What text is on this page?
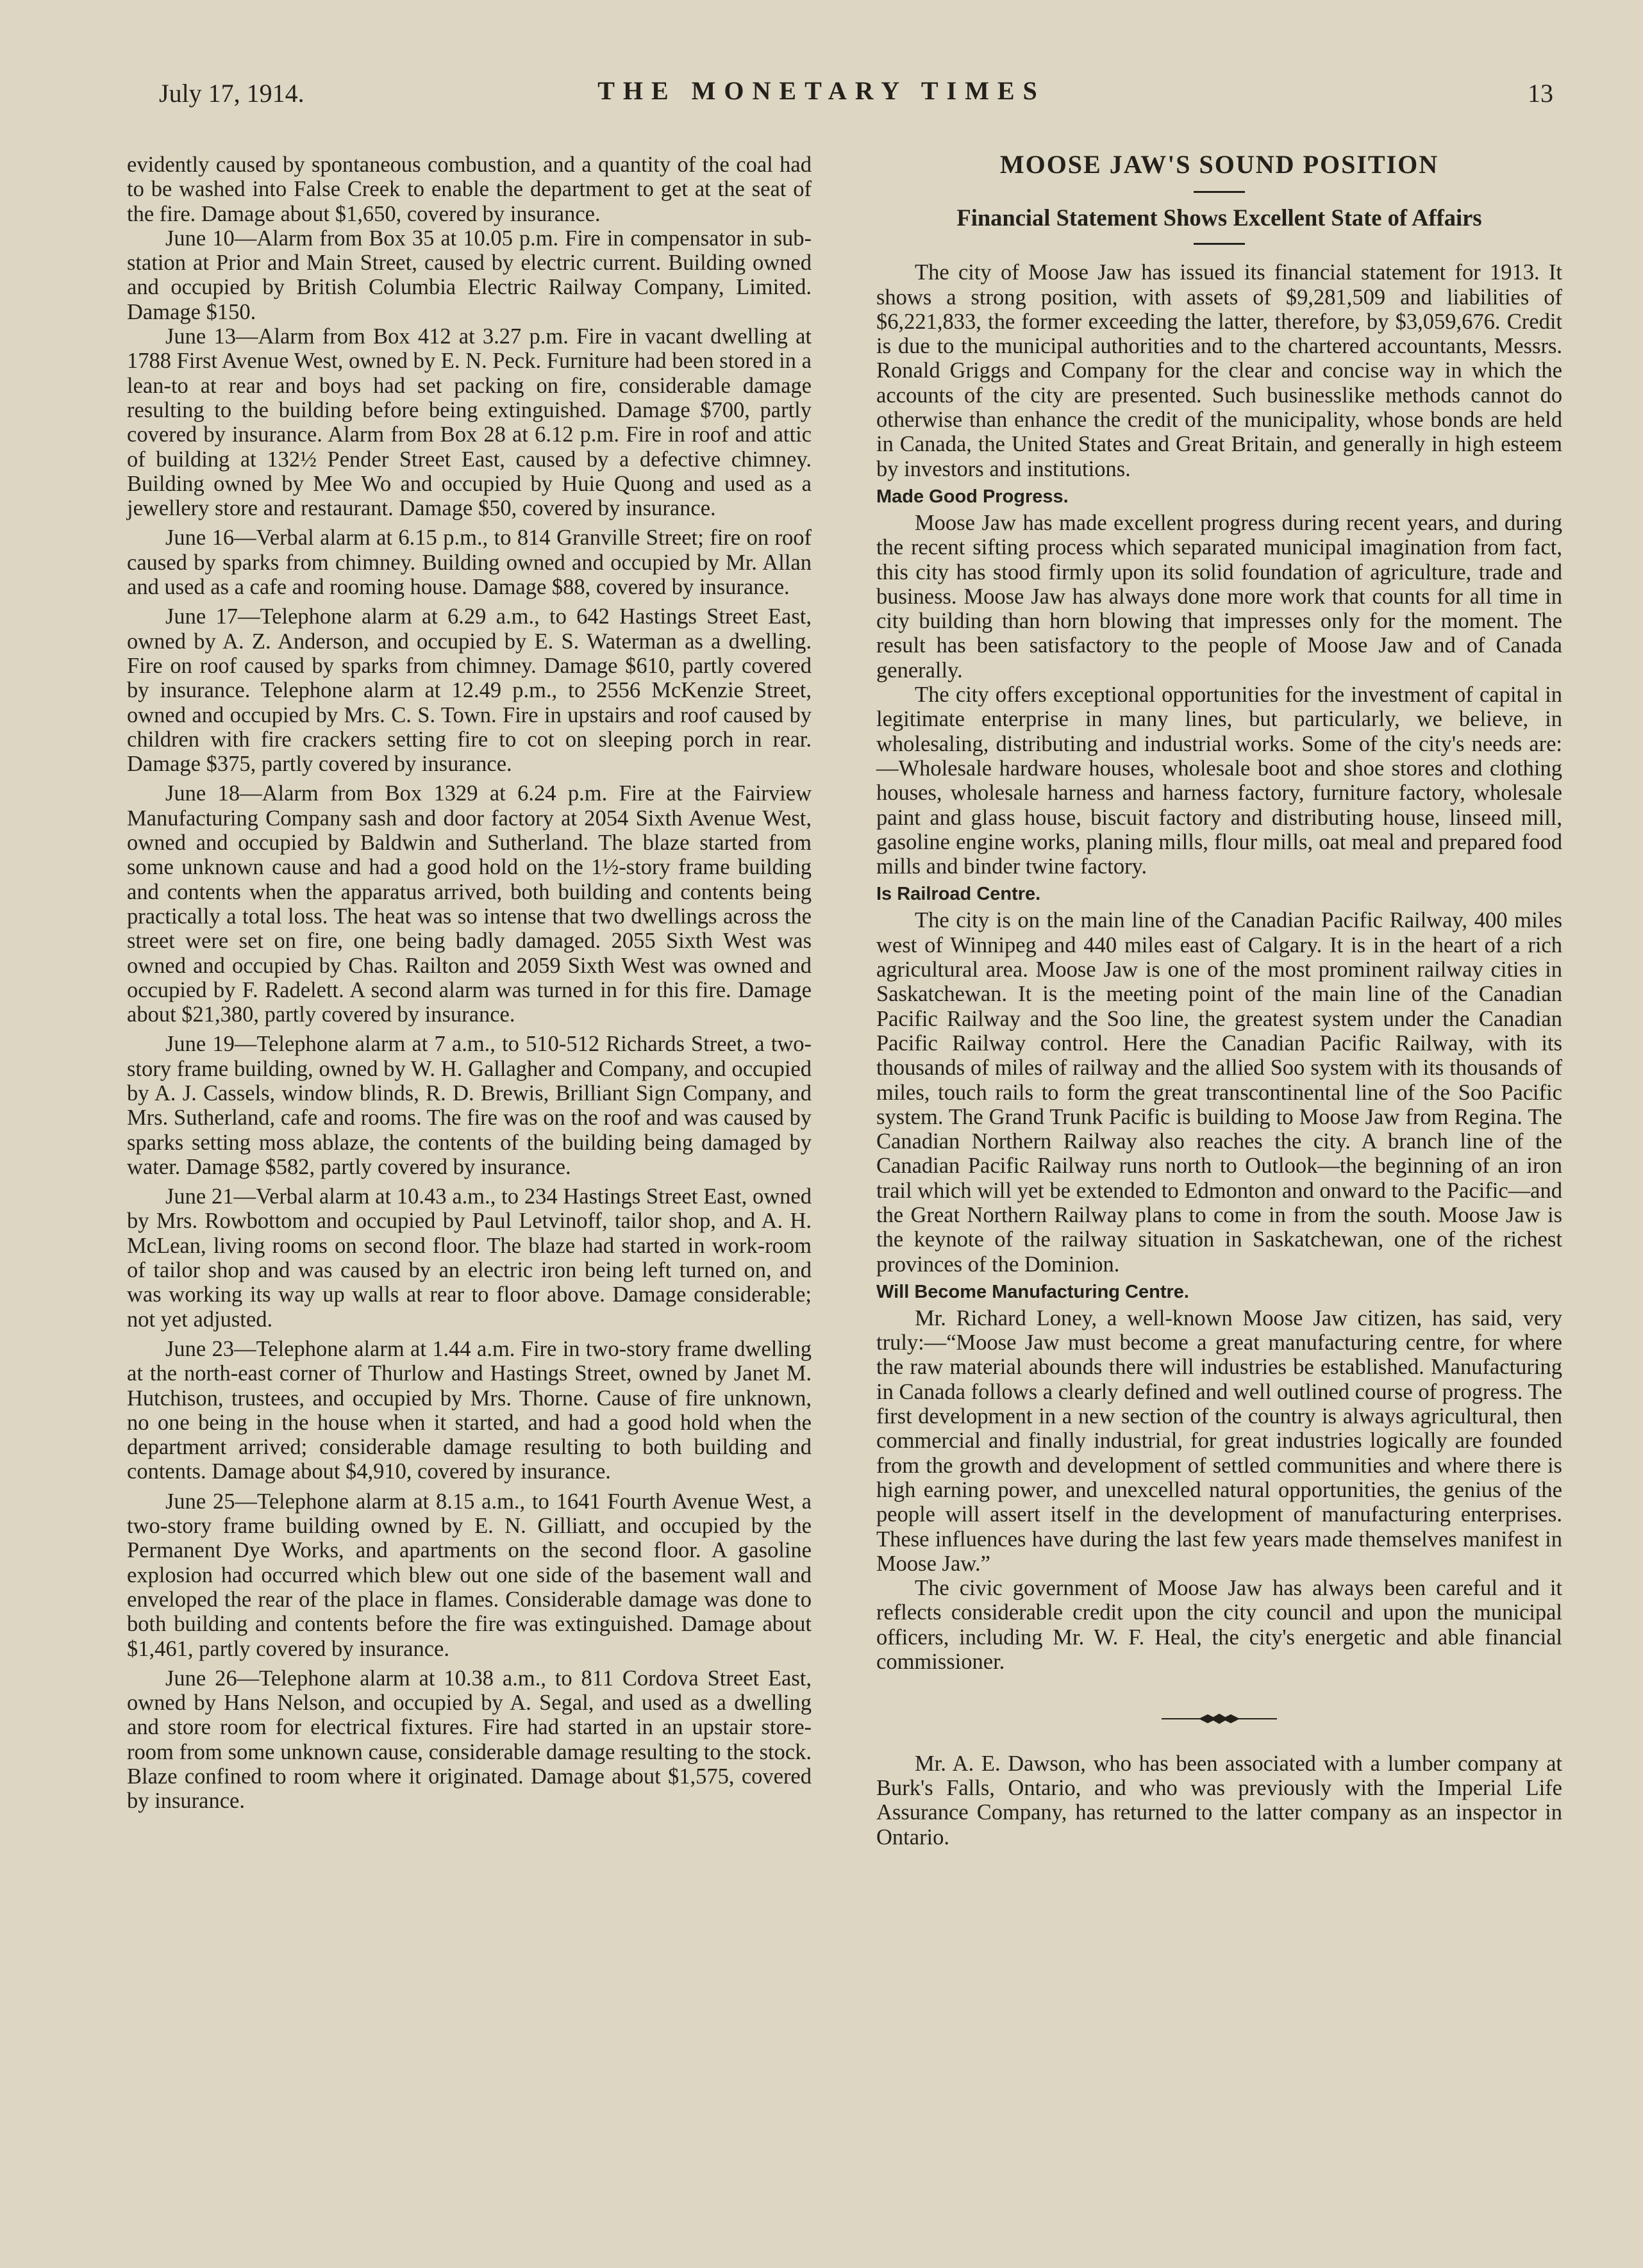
July 17, 1914.	THE MONETARY TIMES	13

evidently caused by spontaneous combustion, and a quantity of the coal had to be washed into False Creek to enable the department to get at the seat of the fire. Damage about $1,650, covered by insurance.

June 10—Alarm from Box 35 at 10.05 p.m. Fire in compensator in sub-station at Prior and Main Street, caused by electric current. Building owned and occupied by British Columbia Electric Railway Company, Limited. Damage $150.

June 13—Alarm from Box 412 at 3.27 p.m. Fire in vacant dwelling at 1788 First Avenue West, owned by E. N. Peck. Furniture had been stored in a lean-to at rear and boys had set packing on fire, considerable damage resulting to the building before being extinguished. Damage $700, partly covered by insurance. Alarm from Box 28 at 6.12 p.m. Fire in roof and attic of building at 132½ Pender Street East, caused by a defective chimney. Building owned by Mee Wo and occupied by Huie Quong and used as a jewellery store and restaurant. Damage $50, covered by insurance.

June 16—Verbal alarm at 6.15 p.m., to 814 Granville Street; fire on roof caused by sparks from chimney. Building owned and occupied by Mr. Allan and used as a cafe and rooming house. Damage $88, covered by insurance.

June 17—Telephone alarm at 6.29 a.m., to 642 Hastings Street East, owned by A. Z. Anderson, and occupied by E. S. Waterman as a dwelling. Fire on roof caused by sparks from chimney. Damage $610, partly covered by insurance. Telephone alarm at 12.49 p.m., to 2556 McKenzie Street, owned and occupied by Mrs. C. S. Town. Fire in upstairs and roof caused by children with fire crackers setting fire to cot on sleeping porch in rear. Damage $375, partly covered by insurance.

June 18—Alarm from Box 1329 at 6.24 p.m. Fire at the Fairview Manufacturing Company sash and door factory at 2054 Sixth Avenue West, owned and occupied by Baldwin and Sutherland. The blaze started from some unknown cause and had a good hold on the 1½-story frame building and contents when the apparatus arrived, both building and contents being practically a total loss. The heat was so intense that two dwellings across the street were set on fire, one being badly damaged. 2055 Sixth West was owned and occupied by Chas. Railton and 2059 Sixth West was owned and occupied by F. Radelett. A second alarm was turned in for this fire. Damage about $21,380, partly covered by insurance.

June 19—Telephone alarm at 7 a.m., to 510-512 Richards Street, a two-story frame building, owned by W. H. Gallagher and Company, and occupied by A. J. Cassels, window blinds, R. D. Brewis, Brilliant Sign Company, and Mrs. Sutherland, cafe and rooms. The fire was on the roof and was caused by sparks setting moss ablaze, the contents of the building being damaged by water. Damage $582, partly covered by insurance.

June 21—Verbal alarm at 10.43 a.m., to 234 Hastings Street East, owned by Mrs. Rowbottom and occupied by Paul Letvinoff, tailor shop, and A. H. McLean, living rooms on second floor. The blaze had started in work-room of tailor shop and was caused by an electric iron being left turned on, and was working its way up walls at rear to floor above. Damage considerable; not yet adjusted.

June 23—Telephone alarm at 1.44 a.m. Fire in two-story frame dwelling at the north-east corner of Thurlow and Hastings Street, owned by Janet M. Hutchison, trustees, and occupied by Mrs. Thorne. Cause of fire unknown, no one being in the house when it started, and had a good hold when the department arrived; considerable damage resulting to both building and contents. Damage about $4,910, covered by insurance.

June 25—Telephone alarm at 8.15 a.m., to 1641 Fourth Avenue West, a two-story frame building owned by E. N. Gilliatt, and occupied by the Permanent Dye Works, and apartments on the second floor. A gasoline explosion had occurred which blew out one side of the basement wall and enveloped the rear of the place in flames. Considerable damage was done to both building and contents before the fire was extinguished. Damage about $1,461, partly covered by insurance.

June 26—Telephone alarm at 10.38 a.m., to 811 Cordova Street East, owned by Hans Nelson, and occupied by A. Segal, and used as a dwelling and store room for electrical fixtures. Fire had started in an upstair store-room from some unknown cause, considerable damage resulting to the stock. Blaze confined to room where it originated. Damage about $1,575, covered by insurance.

MOOSE JAW'S SOUND POSITION
Financial Statement Shows Excellent State of Affairs

The city of Moose Jaw has issued its financial statement for 1913. It shows a strong position, with assets of $9,281,509 and liabilities of $6,221,833, the former exceeding the latter, therefore, by $3,059,676. Credit is due to the municipal authorities and to the chartered accountants, Messrs. Ronald Griggs and Company for the clear and concise way in which the accounts of the city are presented. Such businesslike methods cannot do otherwise than enhance the credit of the municipality, whose bonds are held in Canada, the United States and Great Britain, and generally in high esteem by investors and institutions.

Made Good Progress.

Moose Jaw has made excellent progress during recent years, and during the recent sifting process which separated municipal imagination from fact, this city has stood firmly upon its solid foundation of agriculture, trade and business. Moose Jaw has always done more work that counts for all time in city building than horn blowing that impresses only for the moment. The result has been satisfactory to the people of Moose Jaw and of Canada generally.

The city offers exceptional opportunities for the investment of capital in legitimate enterprise in many lines, but particularly, we believe, in wholesaling, distributing and industrial works. Some of the city's needs are:—Wholesale hardware houses, wholesale boot and shoe stores and clothing houses, wholesale harness and harness factory, furniture factory, wholesale paint and glass house, biscuit factory and distributing house, linseed mill, gasoline engine works, planing mills, flour mills, oat meal and prepared food mills and binder twine factory.

Is Railroad Centre.

The city is on the main line of the Canadian Pacific Railway, 400 miles west of Winnipeg and 440 miles east of Calgary. It is in the heart of a rich agricultural area. Moose Jaw is one of the most prominent railway cities in Saskatchewan. It is the meeting point of the main line of the Canadian Pacific Railway and the Soo line, the greatest system under the Canadian Pacific Railway control. Here the Canadian Pacific Railway, with its thousands of miles of railway and the allied Soo system with its thousands of miles, touch rails to form the great transcontinental line of the Soo Pacific system. The Grand Trunk Pacific is building to Moose Jaw from Regina. The Canadian Northern Railway also reaches the city. A branch line of the Canadian Pacific Railway runs north to Outlook—the beginning of an iron trail which will yet be extended to Edmonton and onward to the Pacific—and the Great Northern Railway plans to come in from the south. Moose Jaw is the keynote of the railway situation in Saskatchewan, one of the richest provinces of the Dominion.

Will Become Manufacturing Centre.

Mr. Richard Loney, a well-known Moose Jaw citizen, has said, very truly:—“Moose Jaw must become a great manufacturing centre, for where the raw material abounds there will industries be established. Manufacturing in Canada follows a clearly defined and well outlined course of progress. The first development in a new section of the country is always agricultural, then commercial and finally industrial, for great industries logically are founded from the growth and development of settled communities and where there is high earning power, and unexcelled natural opportunities, the genius of the people will assert itself in the development of manufacturing enterprises. These influences have during the last few years made themselves manifest in Moose Jaw.”

The civic government of Moose Jaw has always been careful and it reflects considerable credit upon the city council and upon the municipal officers, including Mr. W. F. Heal, the city's energetic and able financial commissioner.

Mr. A. E. Dawson, who has been associated with a lumber company at Burk's Falls, Ontario, and who was previously with the Imperial Life Assurance Company, has returned to the latter company as an inspector in Ontario.
